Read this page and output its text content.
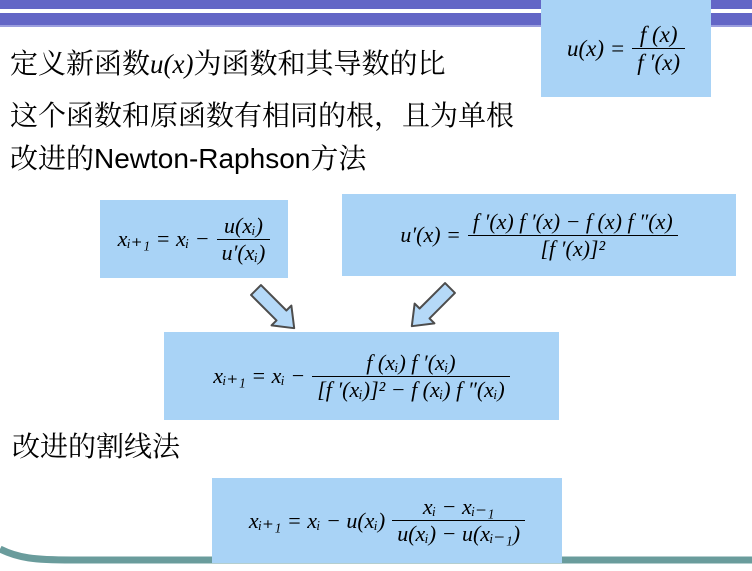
定义新函数u(x)为函数和其导数的比
这个函数和原函数有相同的根，且为单根
改进的Newton-Raphson方法
改进的割线法
$u(x) = \frac{f (x)}{f '(x)}$
xᵢ₊₁ = xᵢ − $\frac{\text{u(xᵢ)}}{\text{u′(xᵢ)}}$	$u'(x) = \frac{f '(x) f '(x) - f (x) f ''(x)}{\text{[f ′(x)]²}}$
xᵢ₊₁ = xᵢ − $\frac{\text{f (xᵢ) f ′(xᵢ)}}{\text{[f ′(xᵢ)]² − f (xᵢ) f ″(xᵢ)}}$
xᵢ₊₁ = xᵢ − u(xᵢ) $\frac{\text{xᵢ − xᵢ₋₁}}{\text{u(xᵢ) − u(xᵢ₋₁)}}$
